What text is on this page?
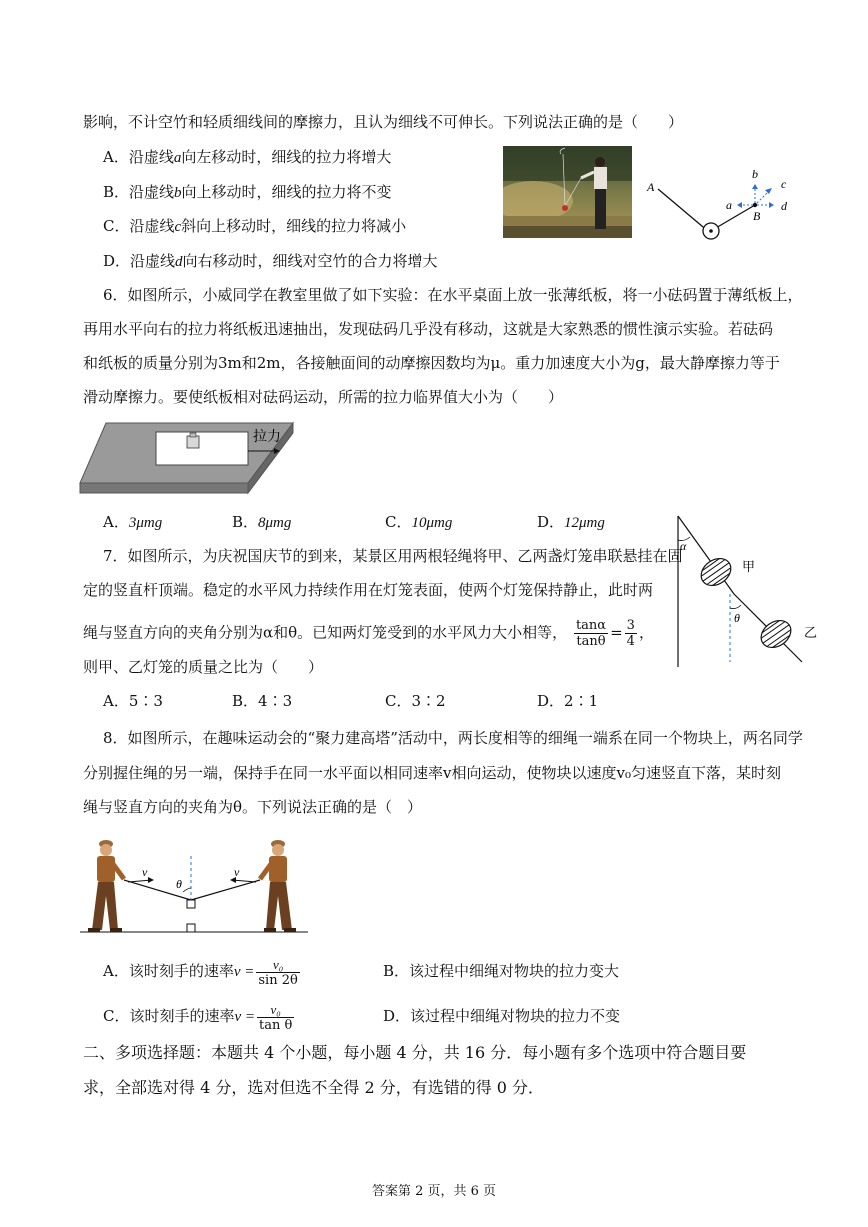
影响，不计空竹和轻质细线间的摩擦力，且认为细线不可伸长。下列说法正确的是（　　）
A．沿虚线a向左移动时，细线的拉力将增大
B．沿虚线b向上移动时，细线的拉力将不变
C．沿虚线c斜向上移动时，细线的拉力将减小
D．沿虚线d向右移动时，细线对空竹的合力将增大
A
B
a
b
c
d
6．如图所示，小威同学在教室里做了如下实验：在水平桌面上放一张薄纸板，将一小砝码置于薄纸板上，
再用水平向右的拉力将纸板迅速抽出，发现砝码几乎没有移动，这就是大家熟悉的惯性演示实验。若砝码
和纸板的质量分别为3m和2m，各接触面间的动摩擦因数均为μ。重力加速度大小为g，最大静摩擦力等于
滑动摩擦力。要使纸板相对砝码运动，所需的拉力临界值大小为（　　）
拉力
A．3μmg	B．8μmg	C．10μmg	D．12μmg
7．如图所示，为庆祝国庆节的到来，某景区用两根轻绳将甲、乙两盏灯笼串联悬挂在固
定的竖直杆顶端。稳定的水平风力持续作用在灯笼表面，使两个灯笼保持静止，此时两
绳与竖直方向的夹角分别为α和θ。已知两灯笼受到的水平风力大小相等， $\frac{\tan\alpha}{\tan\theta} = \frac{3}{4}$ ，
则甲、乙灯笼的质量之比为（　　）
α
θ
甲
乙
A．5∶3	B．4∶3	C．3∶2	D．2∶1
8．如图所示，在趣味运动会的“聚力建高塔”活动中，两长度相等的细绳一端系在同一个物块上，两名同学
分别握住绳的另一端，保持手在同一水平面以相同速率v相向运动，使物块以速度v₀匀速竖直下落，某时刻
绳与竖直方向的夹角为θ。下列说法正确的是（　）
v	v
θ
A．该时刻手的速率$v = \frac{\text{v₀}}{\sin 2\theta}$	B．该过程中细绳对物块的拉力变大
C．该时刻手的速率$v = \frac{\text{v₀}}{\text{tan θ}}$	D．该过程中细绳对物块的拉力不变
二、多项选择题：本题共 4 个小题，每小题 4 分，共 16 分．每小题有多个选项中符合题目要
求，全部选对得 4 分，选对但选不全得 2 分，有选错的得 0 分．
答案第 2 页，共 6 页
